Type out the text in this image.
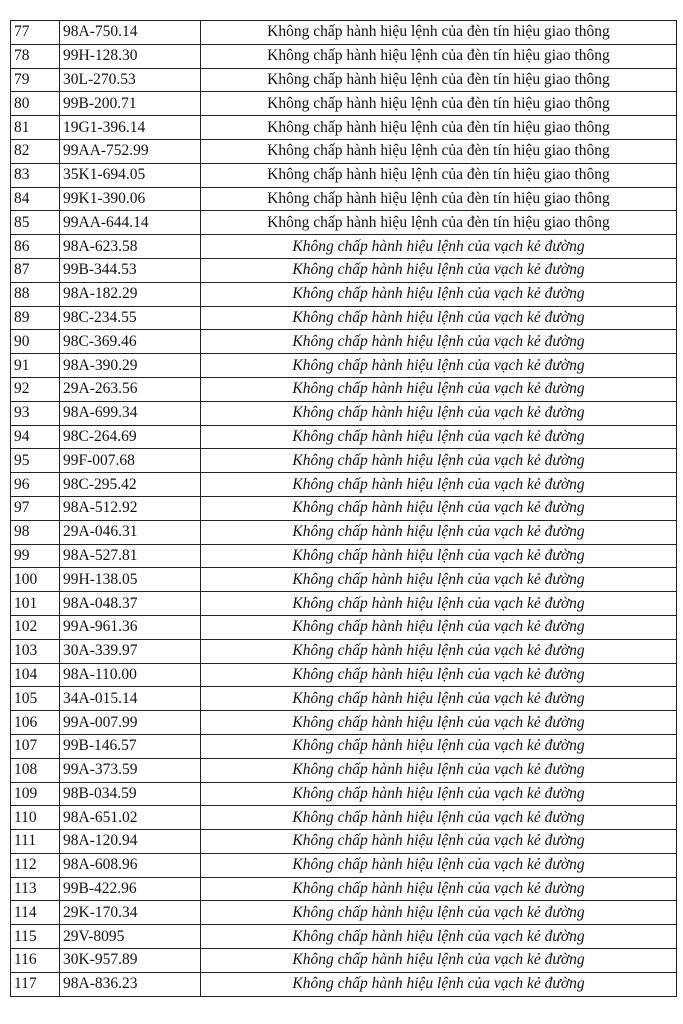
77	98A-750.14	Không chấp hành hiệu lệnh của đèn tín hiệu giao thông
78	99H-128.30	Không chấp hành hiệu lệnh của đèn tín hiệu giao thông
79	30L-270.53	Không chấp hành hiệu lệnh của đèn tín hiệu giao thông
80	99B-200.71	Không chấp hành hiệu lệnh của đèn tín hiệu giao thông
81	19G1-396.14	Không chấp hành hiệu lệnh của đèn tín hiệu giao thông
82	99AA-752.99	Không chấp hành hiệu lệnh của đèn tín hiệu giao thông
83	35K1-694.05	Không chấp hành hiệu lệnh của đèn tín hiệu giao thông
84	99K1-390.06	Không chấp hành hiệu lệnh của đèn tín hiệu giao thông
85	99AA-644.14	Không chấp hành hiệu lệnh của đèn tín hiệu giao thông
86	98A-623.58	Không chấp hành hiệu lệnh của vạch kẻ đường
87	99B-344.53	Không chấp hành hiệu lệnh của vạch kẻ đường
88	98A-182.29	Không chấp hành hiệu lệnh của vạch kẻ đường
89	98C-234.55	Không chấp hành hiệu lệnh của vạch kẻ đường
90	98C-369.46	Không chấp hành hiệu lệnh của vạch kẻ đường
91	98A-390.29	Không chấp hành hiệu lệnh của vạch kẻ đường
92	29A-263.56	Không chấp hành hiệu lệnh của vạch kẻ đường
93	98A-699.34	Không chấp hành hiệu lệnh của vạch kẻ đường
94	98C-264.69	Không chấp hành hiệu lệnh của vạch kẻ đường
95	99F-007.68	Không chấp hành hiệu lệnh của vạch kẻ đường
96	98C-295.42	Không chấp hành hiệu lệnh của vạch kẻ đường
97	98A-512.92	Không chấp hành hiệu lệnh của vạch kẻ đường
98	29A-046.31	Không chấp hành hiệu lệnh của vạch kẻ đường
99	98A-527.81	Không chấp hành hiệu lệnh của vạch kẻ đường
100	99H-138.05	Không chấp hành hiệu lệnh của vạch kẻ đường
101	98A-048.37	Không chấp hành hiệu lệnh của vạch kẻ đường
102	99A-961.36	Không chấp hành hiệu lệnh của vạch kẻ đường
103	30A-339.97	Không chấp hành hiệu lệnh của vạch kẻ đường
104	98A-110.00	Không chấp hành hiệu lệnh của vạch kẻ đường
105	34A-015.14	Không chấp hành hiệu lệnh của vạch kẻ đường
106	99A-007.99	Không chấp hành hiệu lệnh của vạch kẻ đường
107	99B-146.57	Không chấp hành hiệu lệnh của vạch kẻ đường
108	99A-373.59	Không chấp hành hiệu lệnh của vạch kẻ đường
109	98B-034.59	Không chấp hành hiệu lệnh của vạch kẻ đường
110	98A-651.02	Không chấp hành hiệu lệnh của vạch kẻ đường
111	98A-120.94	Không chấp hành hiệu lệnh của vạch kẻ đường
112	98A-608.96	Không chấp hành hiệu lệnh của vạch kẻ đường
113	99B-422.96	Không chấp hành hiệu lệnh của vạch kẻ đường
114	29K-170.34	Không chấp hành hiệu lệnh của vạch kẻ đường
115	29V-8095	Không chấp hành hiệu lệnh của vạch kẻ đường
116	30K-957.89	Không chấp hành hiệu lệnh của vạch kẻ đường
117	98A-836.23	Không chấp hành hiệu lệnh của vạch kẻ đường
